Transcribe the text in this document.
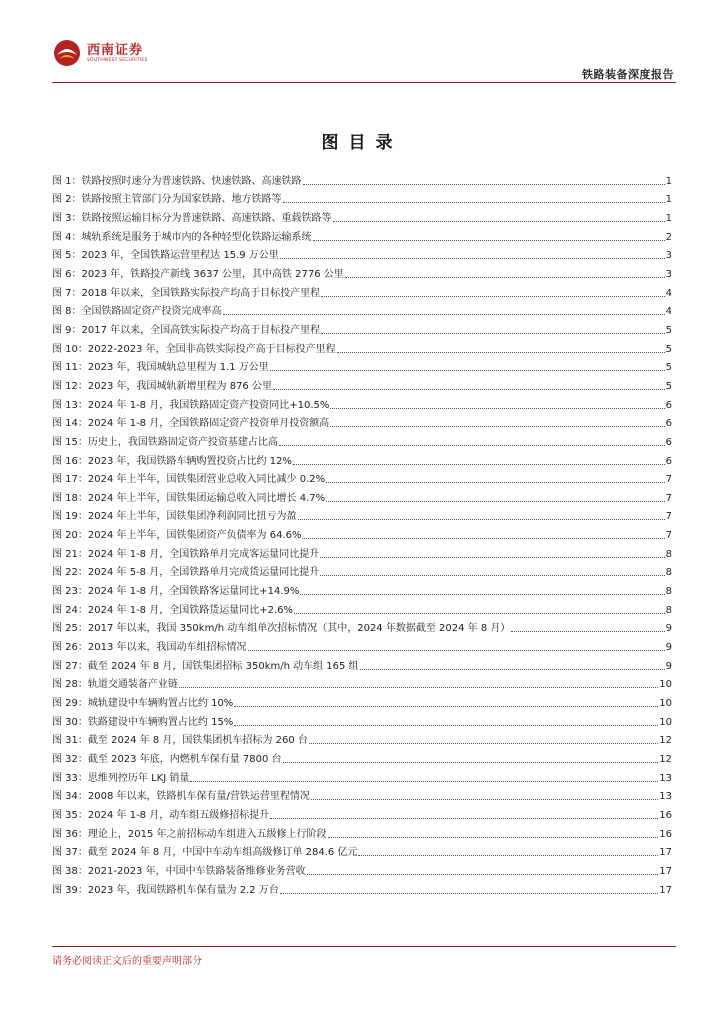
西南证券
SOUTHWEST SECURITIES
铁路装备深度报告
图目录
图 1： 铁路按照时速分为普速铁路、快速铁路、高速铁路	1
图 2： 铁路按照主管部门分为国家铁路、地方铁路等	1
图 3： 铁路按照运输目标分为普速铁路、高速铁路、重载铁路等	1
图 4： 城轨系统是服务于城市内的各种轻型化铁路运输系统	2
图 5： 2023 年，全国铁路运营里程达 15.9 万公里	3
图 6： 2023 年，铁路投产新线 3637 公里，其中高铁 2776 公里	3
图 7： 2018 年以来，全国铁路实际投产均高于目标投产里程	4
图 8： 全国铁路固定资产投资完成率高	4
图 9： 2017 年以来，全国高铁实际投产均高于目标投产里程	5
图 10： 2022-2023 年，全国非高铁实际投产高于目标投产里程	5
图 11： 2023 年，我国城轨总里程为 1.1 万公里	5
图 12： 2023 年，我国城轨新增里程为 876 公里	5
图 13： 2024 年 1-8 月，我国铁路固定资产投资同比+10.5%	6
图 14： 2024 年 1-8 月，全国铁路固定资产投资单月投资额高	6
图 15： 历史上，我国铁路固定资产投资基建占比高	6
图 16： 2023 年，我国铁路车辆购置投资占比约 12%	6
图 17： 2024 年上半年，国铁集团营业总收入同比减少 0.2%	7
图 18： 2024 年上半年，国铁集团运输总收入同比增长 4.7%	7
图 19： 2024 年上半年，国铁集团净利润同比扭亏为盈	7
图 20： 2024 年上半年，国铁集团资产负债率为 64.6%	7
图 21： 2024 年 1-8 月，全国铁路单月完成客运量同比提升	8
图 22： 2024 年 5-8 月，全国铁路单月完成货运量同比提升	8
图 23： 2024 年 1-8 月，全国铁路客运量同比+14.9%	8
图 24： 2024 年 1-8 月，全国铁路货运量同比+2.6%	8
图 25： 2017 年以来，我国 350km/h 动车组单次招标情况（其中，2024 年数据截至 2024 年 8 月）	9
图 26： 2013 年以来，我国动车组招标情况	9
图 27： 截至 2024 年 8 月，国铁集团招标 350km/h 动车组 165 组	9
图 28： 轨道交通装备产业链	10
图 29： 城轨建设中车辆购置占比约 10%	10
图 30： 铁路建设中车辆购置占比约 15%	10
图 31： 截至 2024 年 8 月，国铁集团机车招标为 260 台	12
图 32： 截至 2023 年底，内燃机车保有量 7800 台	12
图 33： 思维列控历年 LKJ 销量	13
图 34： 2008 年以来，铁路机车保有量/营铁运营里程情况	13
图 35： 2024 年 1-8 月，动车组五级修招标提升	16
图 36： 理论上，2015 年之前招标动车组进入五级修上行阶段	16
图 37： 截至 2024 年 8 月，中国中车动车组高级修订单 284.6 亿元	17
图 38： 2021-2023 年，中国中车铁路装备维修业务营收	17
图 39： 2023 年，我国铁路机车保有量为 2.2 万台	17
请务必阅读正文后的重要声明部分
